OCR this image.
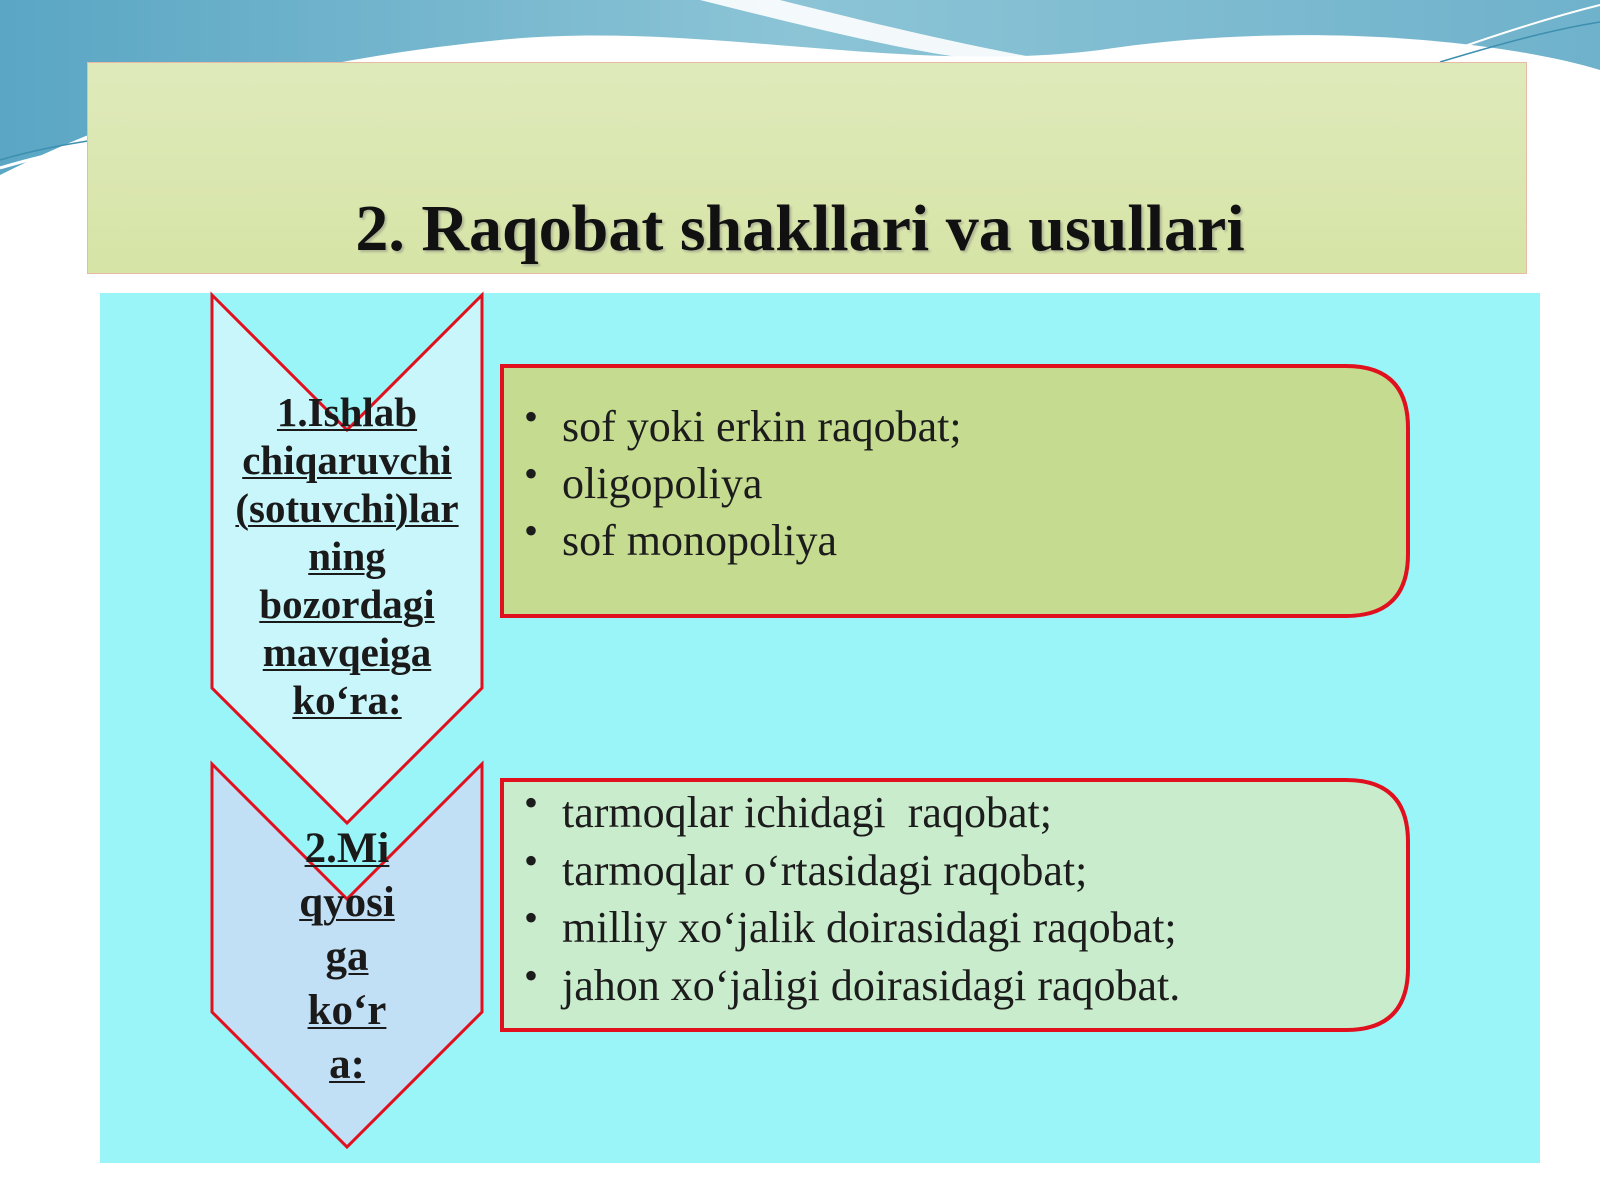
2. Raqobat shakllari va usullari
1.Ishlab
chiqaruvchi
(sotuvchi)lar
ning
bozordagi
mavqeiga
ko‘ra:
2.Mi
qyosi
ga
ko‘r
a:
• sof yoki erkin raqobat;
• oligopoliya
• sof monopoliya
• tarmoqlar ichidagi  raqobat;
• tarmoqlar o‘rtasidagi raqobat;
• milliy xo‘jalik doirasidagi raqobat;
• jahon xo‘jaligi doirasidagi raqobat.
